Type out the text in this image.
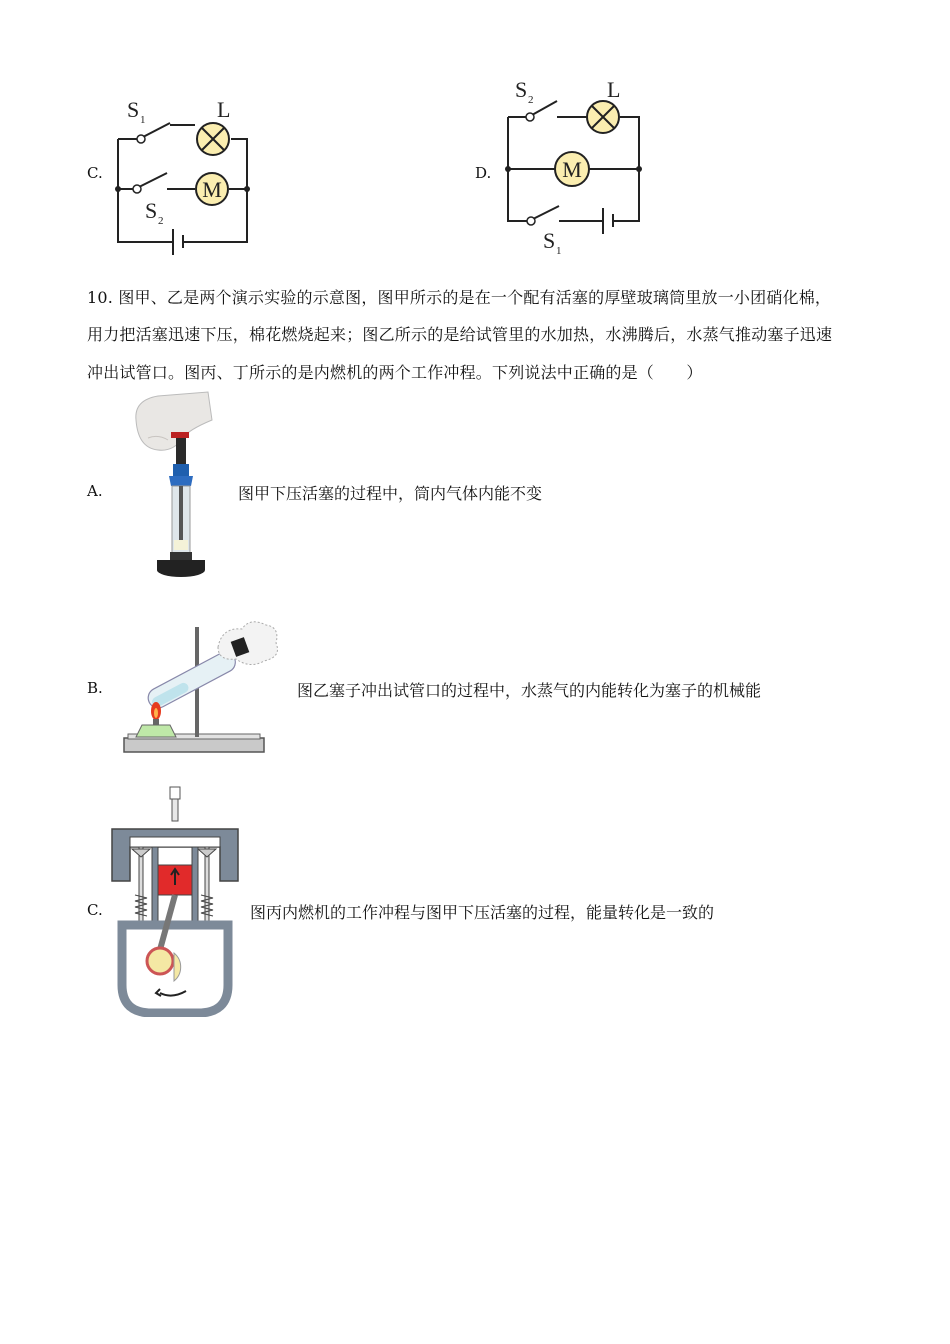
C.
M
S 1	L
S 2
D.	M
S 2	L
S 1
10. 图甲、乙是两个演示实验的示意图，图甲所示的是在一个配有活塞的厚壁玻璃筒里放一小团硝化棉，
用力把活塞迅速下压，棉花燃烧起来；图乙所示的是给试管里的水加热，水沸腾后，水蒸气推动塞子迅速
冲出试管口。图丙、丁所示的是内燃机的两个工作冲程。下列说法中正确的是（　　）
A.	图甲下压活塞的过程中，筒内气体内能不变
B.	图乙塞子冲出试管口的过程中，水蒸气的内能转化为塞子的机械能
C.	图丙内燃机的工作冲程与图甲下压活塞的过程，能量转化是一致的
